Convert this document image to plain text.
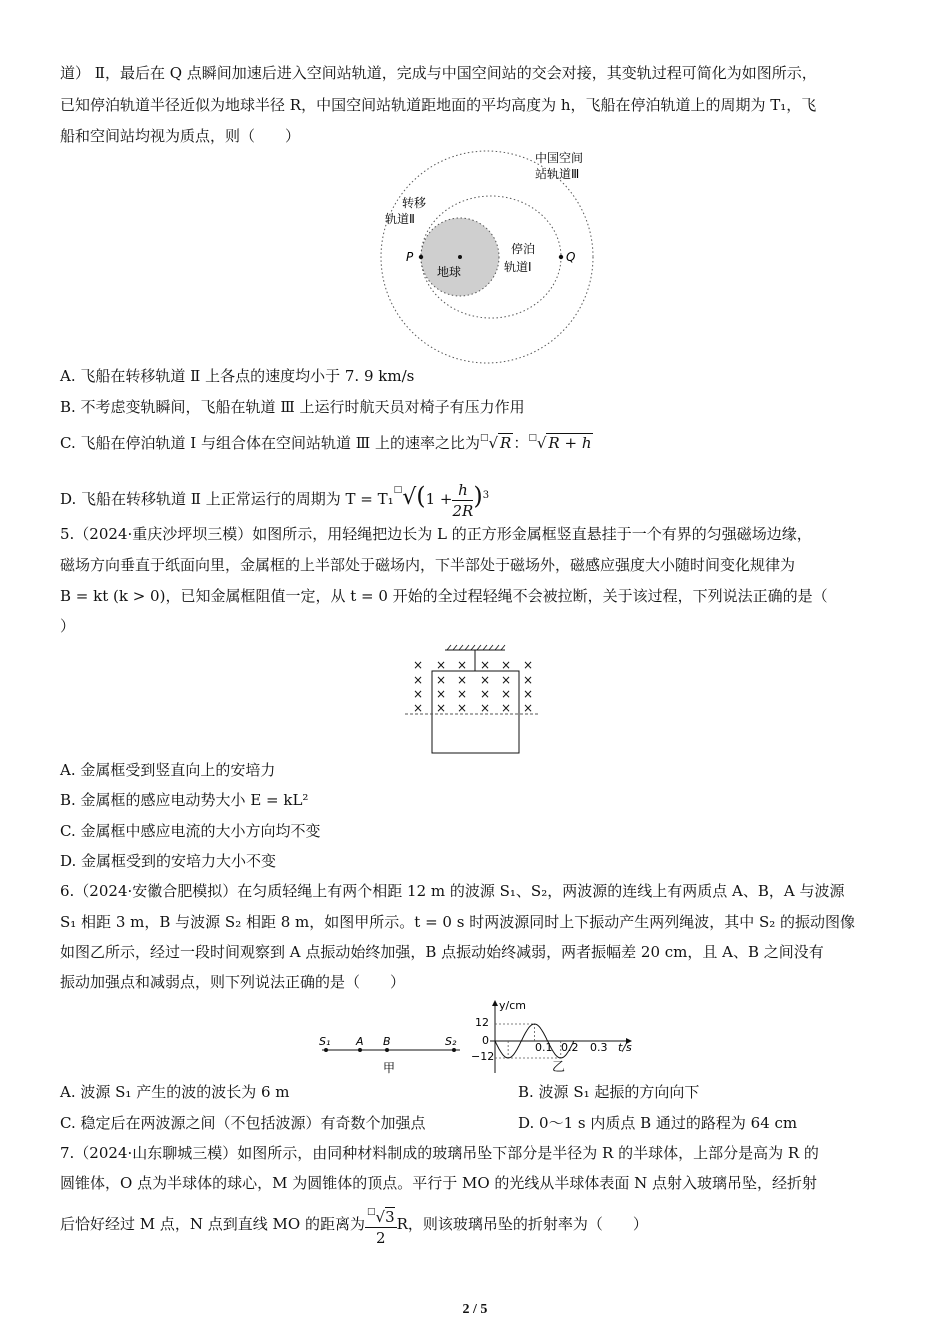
道） Ⅱ，最后在 Q 点瞬间加速后进入空间站轨道，完成与中国空间站的交会对接，其变轨过程可简化为如图所示，
已知停泊轨道半径近似为地球半径 R，中国空间站轨道距地面的平均高度为 h，飞船在停泊轨道上的周期为 T₁，飞
船和空间站均视为质点，则（　　）
中国空间
站轨道Ⅲ
转移
轨道Ⅱ
停泊
轨道Ⅰ
地球
P	Q
A. 飞船在转移轨道 Ⅱ 上各点的速度均小于 7. 9 km/s
B. 不考虑变轨瞬间，飞船在轨道 Ⅲ 上运行时航天员对椅子有压力作用
C. 飞船在停泊轨道 Ⅰ 与组合体在空间站轨道 Ⅲ 上的速率之比为□√ R ：□√ R + h
D. 飞船在转移轨道 Ⅱ 上正常运行的周期为 $T = T_1^□√(1 + \frac{h}{2R} )^3$
5.（2024·重庆沙坪坝三模）如图所示，用轻绳把边长为 L 的正方形金属框竖直悬挂于一个有界的匀强磁场边缘，
磁场方向垂直于纸面向里，金属框的上半部处于磁场内，下半部处于磁场外，磁感应强度大小随时间变化规律为
B = kt (k > 0)，已知金属框阻值一定，从 t = 0 开始的全过程轻绳不会被拉断，关于该过程，下列说法正确的是（
）
× × × × × ×
× × × × × ×
× × × × × ×
× × × × × ×
A. 金属框受到竖直向上的安培力
B. 金属框的感应电动势大小 E = kL²
C. 金属框中感应电流的大小方向均不变
D. 金属框受到的安培力大小不变
6.（2024·安徽合肥模拟）在匀质轻绳上有两个相距 12 m 的波源 S₁、S₂，两波源的连线上有两质点 A、B，A 与波源
S₁ 相距 3 m，B 与波源 S₂ 相距 8 m，如图甲所示。t = 0 s 时两波源同时上下振动产生两列绳波，其中 S₂ 的振动图像
如图乙所示，经过一段时间观察到 A 点振动始终加强，B 点振动始终减弱，两者振幅差 20 cm，且 A、B 之间没有
振动加强点和减弱点，则下列说法正确的是（　　）
S₁ A B	S₂
甲
y/cm
t/s
12
0
−12
0.1 0.2 0.3
乙
A. 波源 S₁ 产生的波的波长为 6 m	B. 波源 S₁ 起振的方向向下
C. 稳定后在两波源之间（不包括波源）有奇数个加强点	D. 0～1 s 内质点 B 通过的路程为 64 cm
7.（2024·山东聊城三模）如图所示，由同种材料制成的玻璃吊坠下部分是半径为 R 的半球体，上部分是高为 R 的
圆锥体，O 点为半球体的球心，M 为圆锥体的顶点。平行于 MO 的光线从半球体表面 N 点射入玻璃吊坠，经折射
后恰好经过 M 点，N 点到直线 MO 的距离为 $\frac{^□√3}{2}$ R，则该玻璃吊坠的折射率为（　　）
2 / 5
